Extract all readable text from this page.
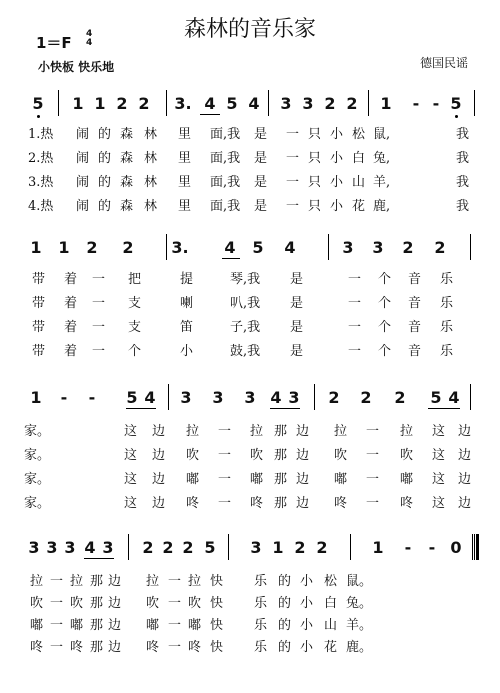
森林的音乐家
1＝F 4
4
小快板 快乐地	德国民谣
5 1 1 2 2 3. 4 5 4 3 3 2 2 1 - - 5
1.热 闹 的 森 林 里 面,我 是 一 只 小 松 鼠,	我
2.热 闹 的 森 林 里 面,我 是 一 只 小 白 兔,	我
3.热 闹 的 森 林 里 面,我 是 一 只 小 山 羊,	我
4.热 闹 的 森 林 里 面,我 是 一 只 小 花 鹿,	我
1 1 2 2 3. 4 5 4	3 3 2 2
带 着 一 把	提	琴,我 是	一 个 音 乐
带 着 一 支	喇	叭,我 是	一 个 音 乐
带 着 一 支	笛	子,我 是	一 个 音 乐
带 着 一 个	小	鼓,我 是	一 个 音 乐
1 - - 5 4 3 3 3 4 3 2 2 2 5 4
家。	这 边 拉 一 拉 那 边 拉 一 拉 这 边
家。	这 边 吹 一 吹 那 边 吹 一 吹 这 边
家。	这 边 嘟 一 嘟 那 边 嘟 一 嘟 这 边
家。	这 边 咚 一 咚 那 边 咚 一 咚 这 边
3 3 3 4 3 2 2 2 5 3 1 2 2	1 - - 0
拉 一 拉 那 边 拉 一 拉 快 乐 的 小 松 鼠。
吹 一 吹 那 边 吹 一 吹 快 乐 的 小 白 兔。
嘟 一 嘟 那 边 嘟 一 嘟 快 乐 的 小 山 羊。
咚 一 咚 那 边 咚 一 咚 快 乐 的 小 花 鹿。
